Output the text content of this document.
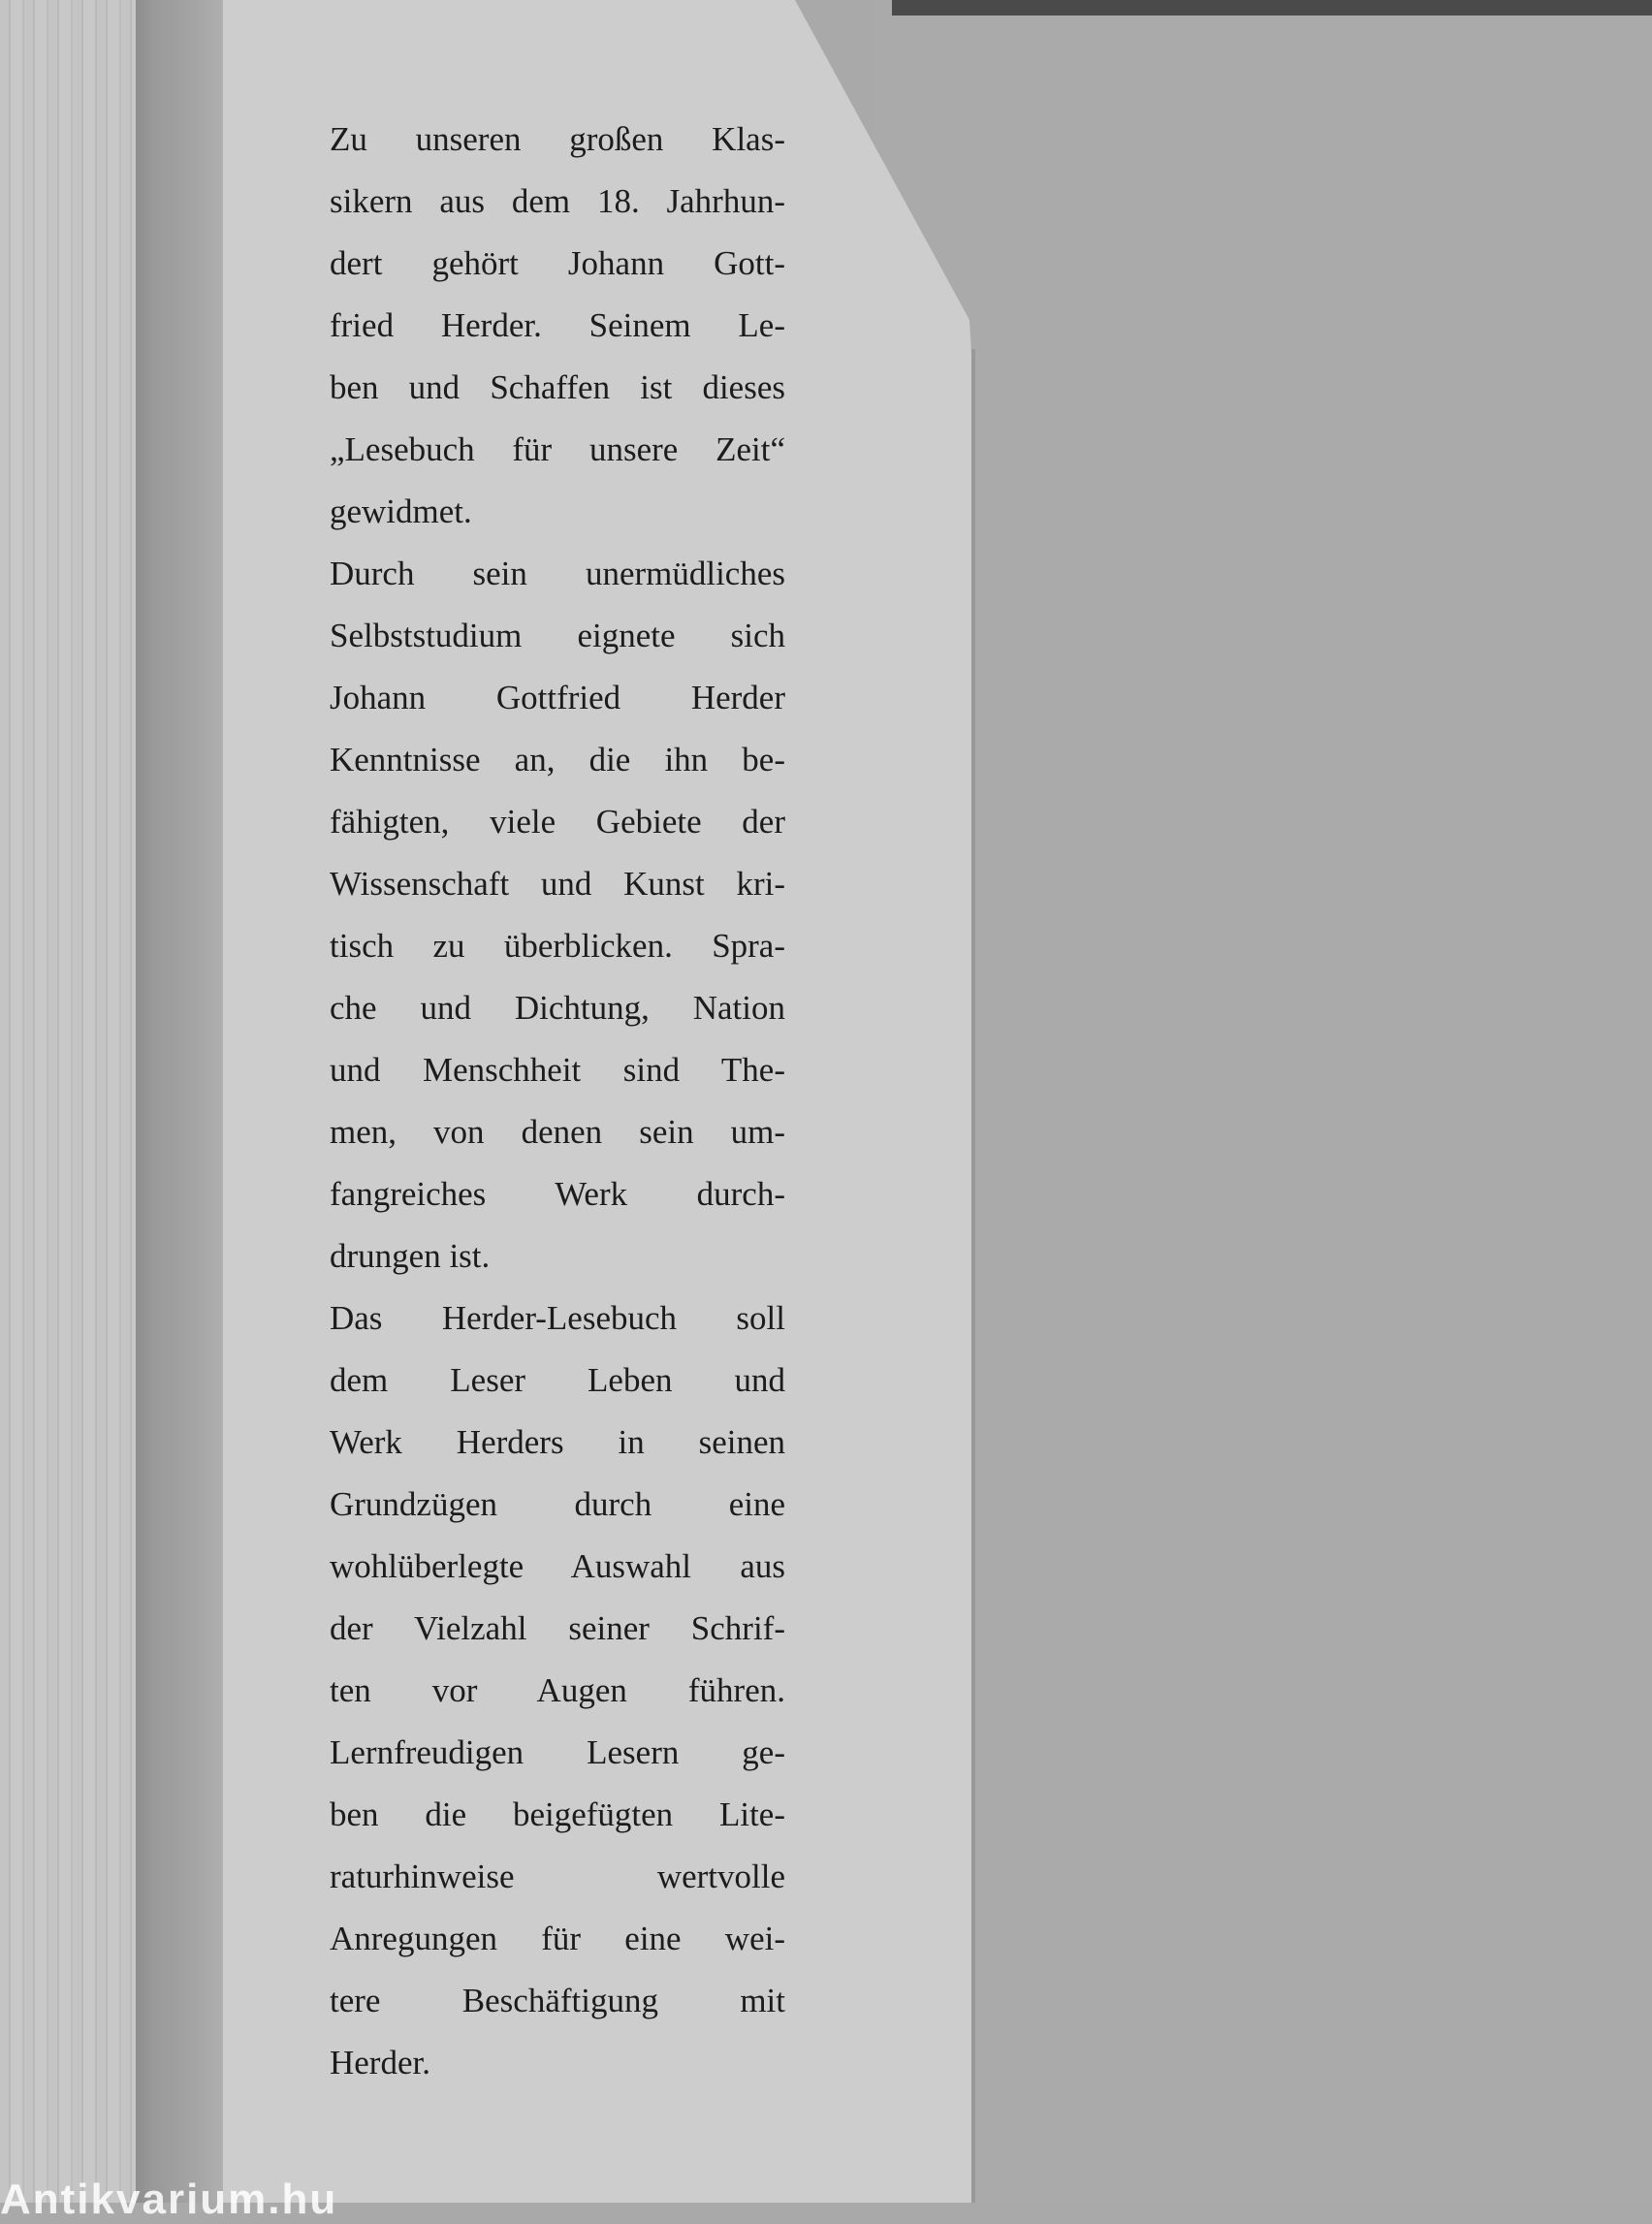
Zu unseren großen Klas-
sikern aus dem 18. Jahrhun-
dert gehört Johann Gott-
fried Herder. Seinem Le-
ben und Schaffen ist dieses
„Lesebuch für unsere Zeit“
gewidmet.
Durch sein unermüdliches
Selbststudium eignete sich
Johann Gottfried Herder
Kenntnisse an, die ihn be-
fähigten, viele Gebiete der
Wissenschaft und Kunst kri-
tisch zu überblicken. Spra-
che und Dichtung, Nation
und Menschheit sind The-
men, von denen sein um-
fangreiches Werk durch-
drungen ist.
Das Herder-Lesebuch soll
dem Leser Leben und
Werk Herders in seinen
Grundzügen durch eine
wohlüberlegte Auswahl aus
der Vielzahl seiner Schrif-
ten vor Augen führen.
Lernfreudigen Lesern ge-
ben die beigefügten Lite-
raturhinweise wertvolle
Anregungen für eine wei-
tere Beschäftigung mit
Herder.
Antikvarium.hu
